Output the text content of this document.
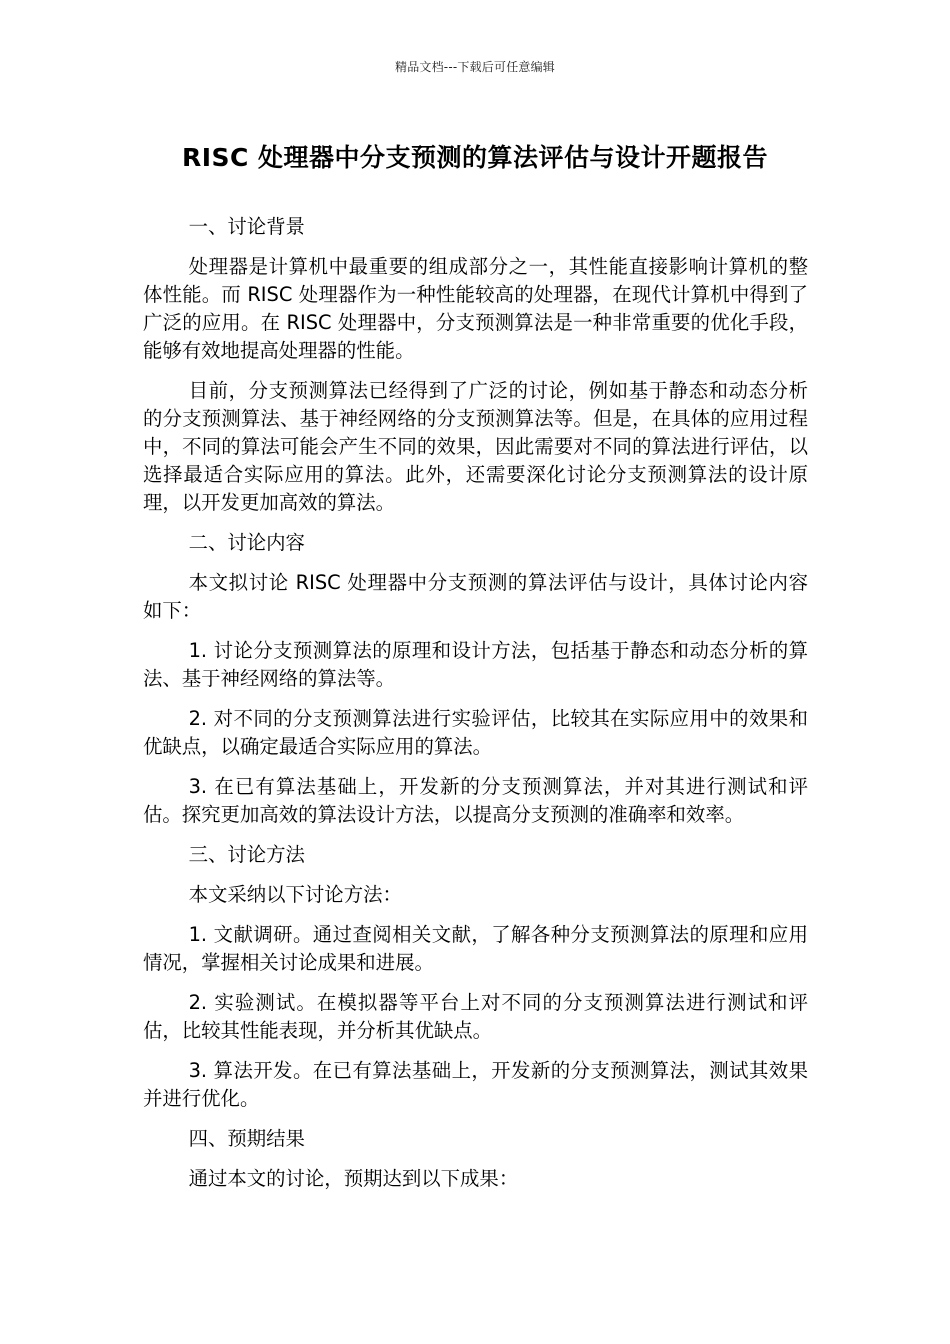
精品文档---下载后可任意编辑
RISC 处理器中分支预测的算法评估与设计开题报告
一、讨论背景

处理器是计算机中最重要的组成部分之一，其性能直接影响计算机的整体性能。而 RISC 处理器作为一种性能较高的处理器，在现代计算机中得到了广泛的应用。在 RISC 处理器中，分支预测算法是一种非常重要的优化手段，能够有效地提高处理器的性能。

目前，分支预测算法已经得到了广泛的讨论，例如基于静态和动态分析的分支预测算法、基于神经网络的分支预测算法等。但是，在具体的应用过程中，不同的算法可能会产生不同的效果，因此需要对不同的算法进行评估，以选择最适合实际应用的算法。此外，还需要深化讨论分支预测算法的设计原理，以开发更加高效的算法。

二、讨论内容

本文拟讨论 RISC 处理器中分支预测的算法评估与设计，具体讨论内容如下：

1. 讨论分支预测算法的原理和设计方法，包括基于静态和动态分析的算法、基于神经网络的算法等。

2. 对不同的分支预测算法进行实验评估，比较其在实际应用中的效果和优缺点，以确定最适合实际应用的算法。

3. 在已有算法基础上，开发新的分支预测算法，并对其进行测试和评估。探究更加高效的算法设计方法，以提高分支预测的准确率和效率。

三、讨论方法

本文采纳以下讨论方法：

1. 文献调研。通过查阅相关文献，了解各种分支预测算法的原理和应用情况，掌握相关讨论成果和进展。

2. 实验测试。在模拟器等平台上对不同的分支预测算法进行测试和评估，比较其性能表现，并分析其优缺点。

3. 算法开发。在已有算法基础上，开发新的分支预测算法，测试其效果并进行优化。

四、预期结果

通过本文的讨论，预期达到以下成果：
